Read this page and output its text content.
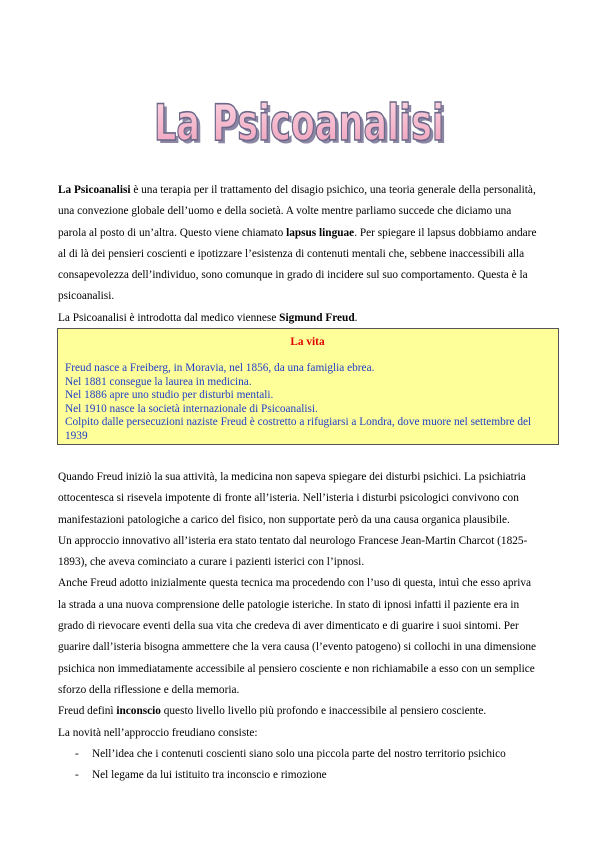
La Psicoanalisi
La Psicoanalisi

La Psicoanalisi è una terapia per il trattamento del disagio psichico, una teoria generale della personalità, una convezione globale dell’uomo e della società. A volte mentre parliamo succede che diciamo una parola al posto di un’altra. Questo viene chiamato lapsus linguae. Per spiegare il lapsus dobbiamo andare al di là dei pensieri coscienti e ipotizzare l’esistenza di contenuti mentali che, sebbene inaccessibili alla consapevolezza dell’individuo, sono comunque in grado di incidere sul suo comportamento. Questa è la psicoanalisi.

La Psicoanalisi è introdotta dal medico viennese Sigmund Freud.

La vita

Freud nasce a Freiberg, in Moravia, nel 1856, da una famiglia ebrea.

Nel 1881 consegue la laurea in medicina.

Nel 1886 apre uno studio per disturbi mentali.

Nel 1910 nasce la società internazionale di Psicoanalisi.

Colpito dalle persecuzioni naziste Freud è costretto a rifugiarsi a Londra, dove muore nel settembre del 1939

Quando Freud iniziò la sua attività, la medicina non sapeva spiegare dei disturbi psichici. La psichiatria ottocentesca si risevela impotente di fronte all’isteria. Nell’isteria i disturbi psicologici convivono con manifestazioni patologiche a carico del fisico, non supportate però da una causa organica plausibile.

Un approccio innovativo all’isteria era stato tentato dal neurologo Francese Jean-Martin Charcot (1825-1893), che aveva cominciato a curare i pazienti isterici con l’ipnosi.

Anche Freud adotto inizialmente questa tecnica ma procedendo con l’uso di questa, intuì che esso apriva la strada a una nuova comprensione delle patologie isteriche. In stato di ipnosi infatti il paziente era in grado di rievocare eventi della sua vita che credeva di aver dimenticato e di guarire i suoi sintomi. Per guarire dall’isteria bisogna ammettere che la vera causa (l’evento patogeno) si collochi in una dimensione psichica non immediatamente accessibile al pensiero cosciente e non richiamabile a esso con un semplice sforzo della riflessione e della memoria.

Freud definì inconscio questo livello livello più profondo e inaccessibile al pensiero cosciente.

La novità nell’approccio freudiano consiste:

- Nell’idea che i contenuti coscienti siano solo una piccola parte del nostro territorio psichico
- Nel legame da lui istituito tra inconscio e rimozione
